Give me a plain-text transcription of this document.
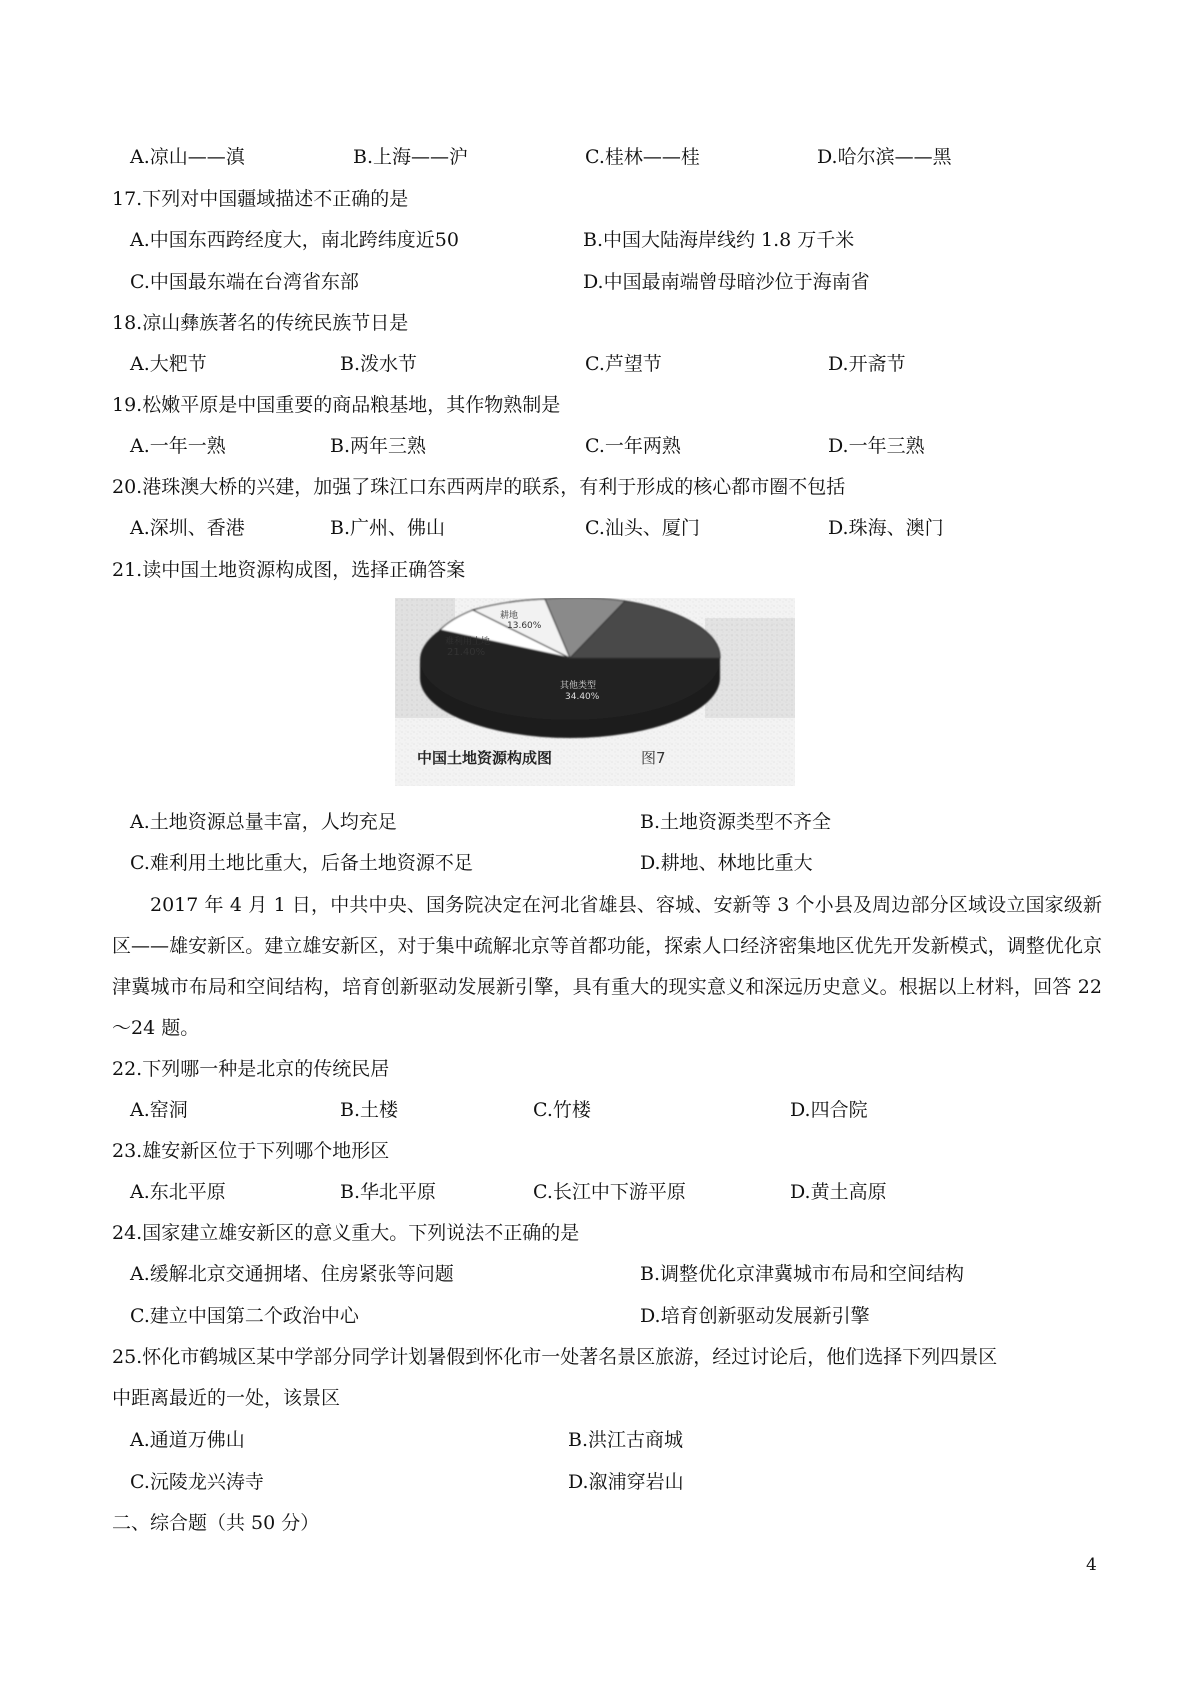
A.凉山——滇	B.上海——沪	C.桂林——桂	D.哈尔滨——黑
17.下列对中国疆域描述不正确的是
A.中国东西跨经度大，南北跨纬度近50	B.中国大陆海岸线约 1.8 万千米
C.中国最东端在台湾省东部	D.中国最南端曾母暗沙位于海南省
18.凉山彝族著名的传统民族节日是
A.大粑节	B.泼水节	C.芦望节	D.开斋节
19.松嫩平原是中国重要的商品粮基地，其作物熟制是
A.一年一熟	B.两年三熟	C.一年两熟	D.一年三熟
20.港珠澳大桥的兴建，加强了珠江口东西两岸的联系，有利于形成的核心都市圈不包括
A.深圳、香港	B.广州、佛山	C.汕头、厦门	D.珠海、澳门
21.读中国土地资源构成图，选择正确答案
耕地
13.60%
难利用土地
21.40%
其他类型
34.40%
中国土地资源构成图	图7
A.土地资源总量丰富，人均充足	B.土地资源类型不齐全
C.难利用土地比重大，后备土地资源不足	D.耕地、林地比重大
2017 年 4 月 1 日，中共中央、国务院决定在河北省雄县、容城、安新等 3 个小县及周边部分区域设立国家级新区——雄安新区。建立雄安新区，对于集中疏解北京等首都功能，探索人口经济密集地区优先开发新模式，调整优化京津冀城市布局和空间结构，培育创新驱动发展新引擎，具有重大的现实意义和深远历史意义。根据以上材料，回答 22～24 题。
22.下列哪一种是北京的传统民居
A.窑洞	B.土楼	C.竹楼	D.四合院
23.雄安新区位于下列哪个地形区
A.东北平原	B.华北平原	C.长江中下游平原	D.黄土高原
24.国家建立雄安新区的意义重大。下列说法不正确的是
A.缓解北京交通拥堵、住房紧张等问题	B.调整优化京津冀城市布局和空间结构
C.建立中国第二个政治中心	D.培育创新驱动发展新引擎
25.怀化市鹤城区某中学部分同学计划暑假到怀化市一处著名景区旅游，经过讨论后，他们选择下列四景区
中距离最近的一处，该景区
A.通道万佛山	B.洪江古商城
C.沅陵龙兴涛寺	D.溆浦穿岩山
二、综合题（共 50 分）
4
